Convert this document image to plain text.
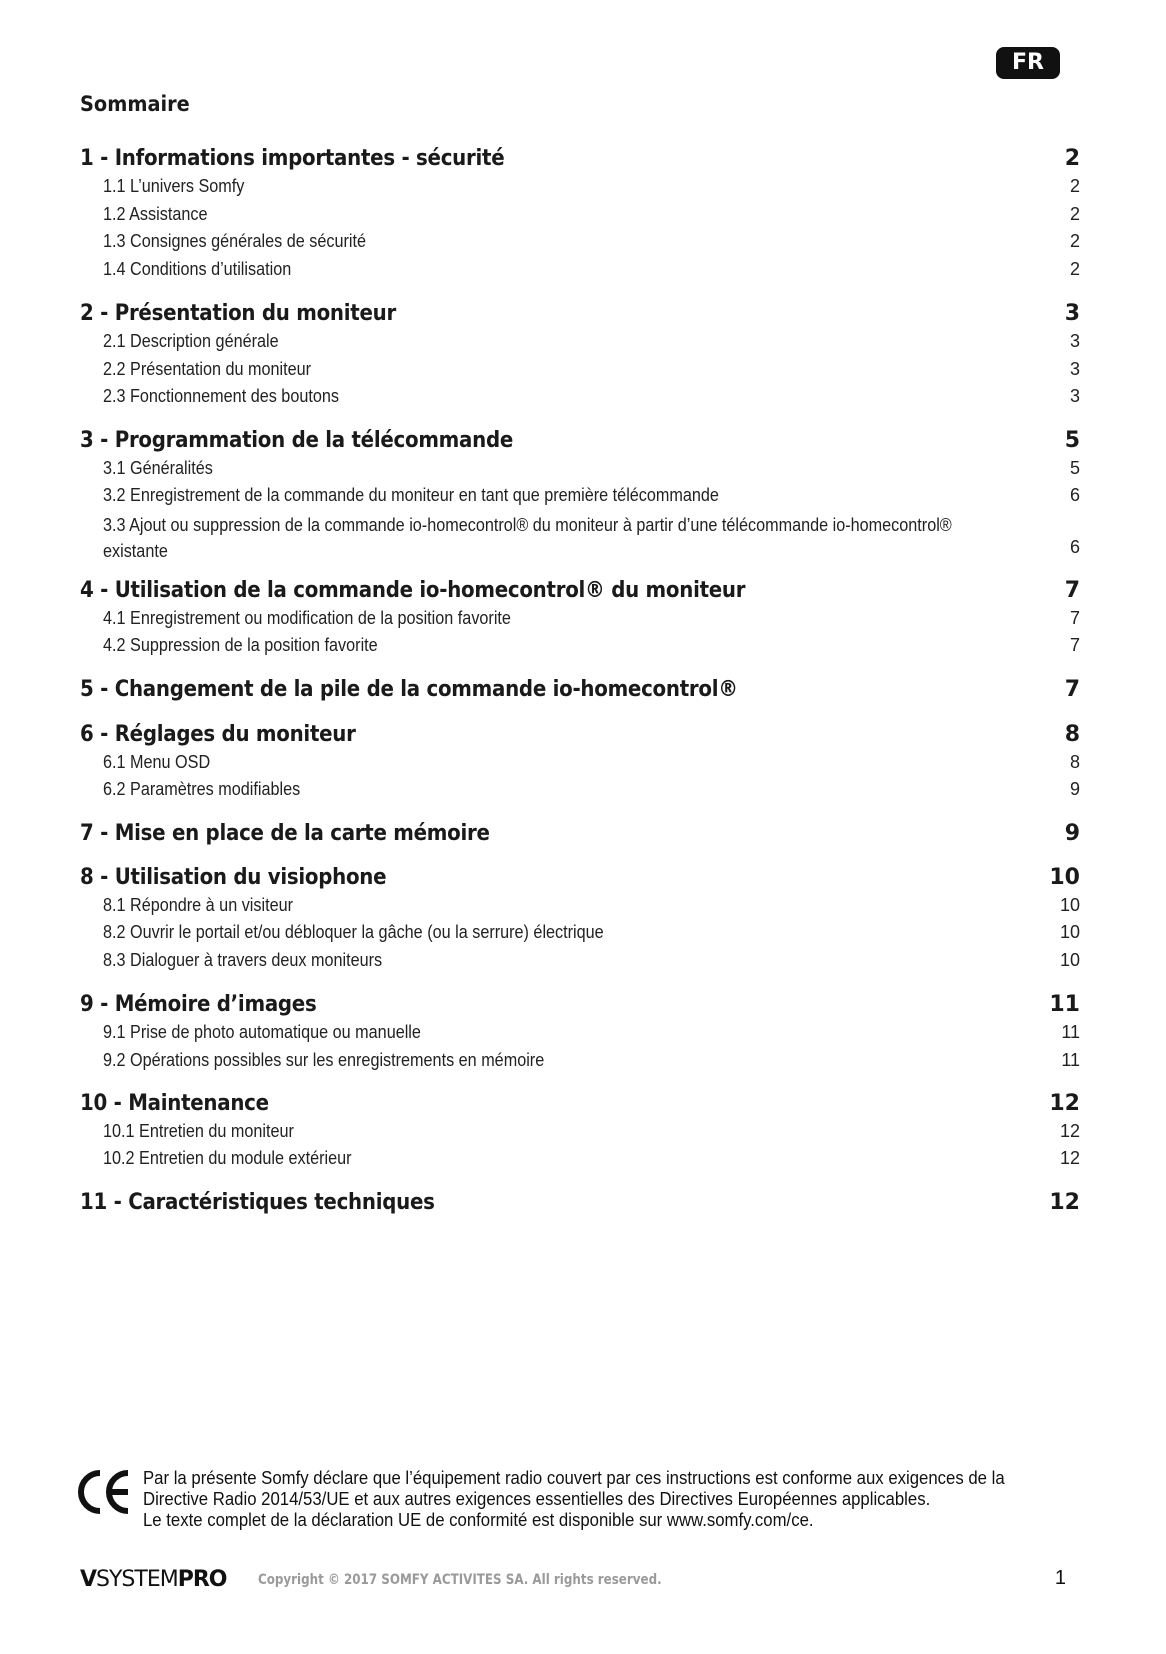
FR
Sommaire
1 - Informations importantes - sécurité	2
1.1 L’univers Somfy	2
1.2 Assistance	2
1.3 Consignes générales de sécurité	2
1.4 Conditions d’utilisation	2
2 - Présentation du moniteur	3
2.1 Description générale	3
2.2 Présentation du moniteur	3
2.3 Fonctionnement des boutons	3
3 - Programmation de la télécommande	5
3.1 Généralités	5
3.2 Enregistrement de la commande du moniteur en tant que première télécommande	6
3.3 Ajout ou suppression de la commande io-homecontrol® du moniteur à partir d’une télécommande io-homecontrol® existante	6
4 - Utilisation de la commande io-homecontrol® du moniteur	7
4.1 Enregistrement ou modification de la position favorite	7
4.2 Suppression de la position favorite	7
5 - Changement de la pile de la commande io-homecontrol®	7
6 - Réglages du moniteur	8
6.1 Menu OSD	8
6.2 Paramètres modifiables	9
7 - Mise en place de la carte mémoire	9
8 - Utilisation du visiophone	10
8.1 Répondre à un visiteur	10
8.2 Ouvrir le portail et/ou débloquer la gâche (ou la serrure) électrique	10
8.3 Dialoguer à travers deux moniteurs	10
9 - Mémoire d’images	11
9.1 Prise de photo automatique ou manuelle	11
9.2 Opérations possibles sur les enregistrements en mémoire	11
10 - Maintenance	12
10.1 Entretien du moniteur	12
10.2 Entretien du module extérieur	12
11 - Caractéristiques techniques	12
Par la présente Somfy déclare que l’équipement radio couvert par ces instructions est conforme aux exigences de la
Directive Radio 2014/53/UE et aux autres exigences essentielles des Directives Européennes applicables.
Le texte complet de la déclaration UE de conformité est disponible sur www.somfy.com/ce.
VSYSTEMPRO Copyright © 2017 SOMFY ACTIVITES SA. All rights reserved.	1
